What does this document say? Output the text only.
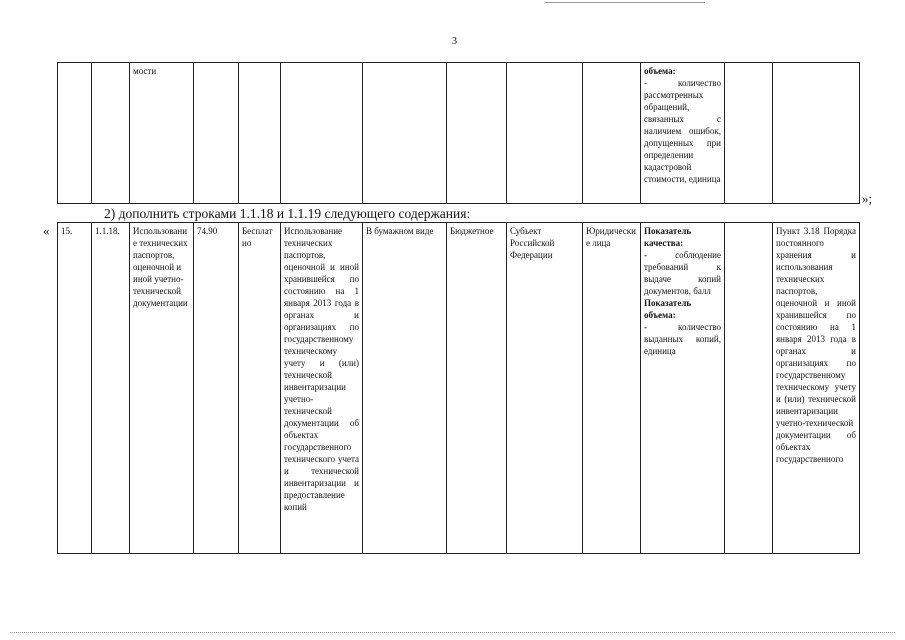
3
		мости								объема:
- количество рассмотренных обращений, связанных с наличием ошибок, допущенных при определении кадастровой стоимости, единица

»;
2) дополнить строками 1.1.18 и 1.1.19 следующего содержания:
« 15.	1.1.18.	Использование технических паспортов, оценочной и иной учетно-технической документации	74.90	Бесплатно	Использование технических паспортов, оценочной и иной хранившейся по состоянию на 1 января 2013 года в органах и организациях по государственному техническому учету и (или) технической инвентаризации учетно-технической документации об объектах государственного технического учета и технической инвентаризации и предоставление копий	В бумажном виде	Бюджетное	Субъект Российской Федерации	Юридические лица	
Показатель качества:
- соблюдение требований к выдаче копий документов, балл
Показатель объема:
- количество выданных копий, единица
		Пункт 3.18 Порядка постоянного хранения и использования технических паспортов, оценочной и иной хранившейся по состоянию на 1 января 2013 года в органах и организациях по государственному техническому учету и (или) технической инвентаризации учетно-технической документации об объектах государственного
